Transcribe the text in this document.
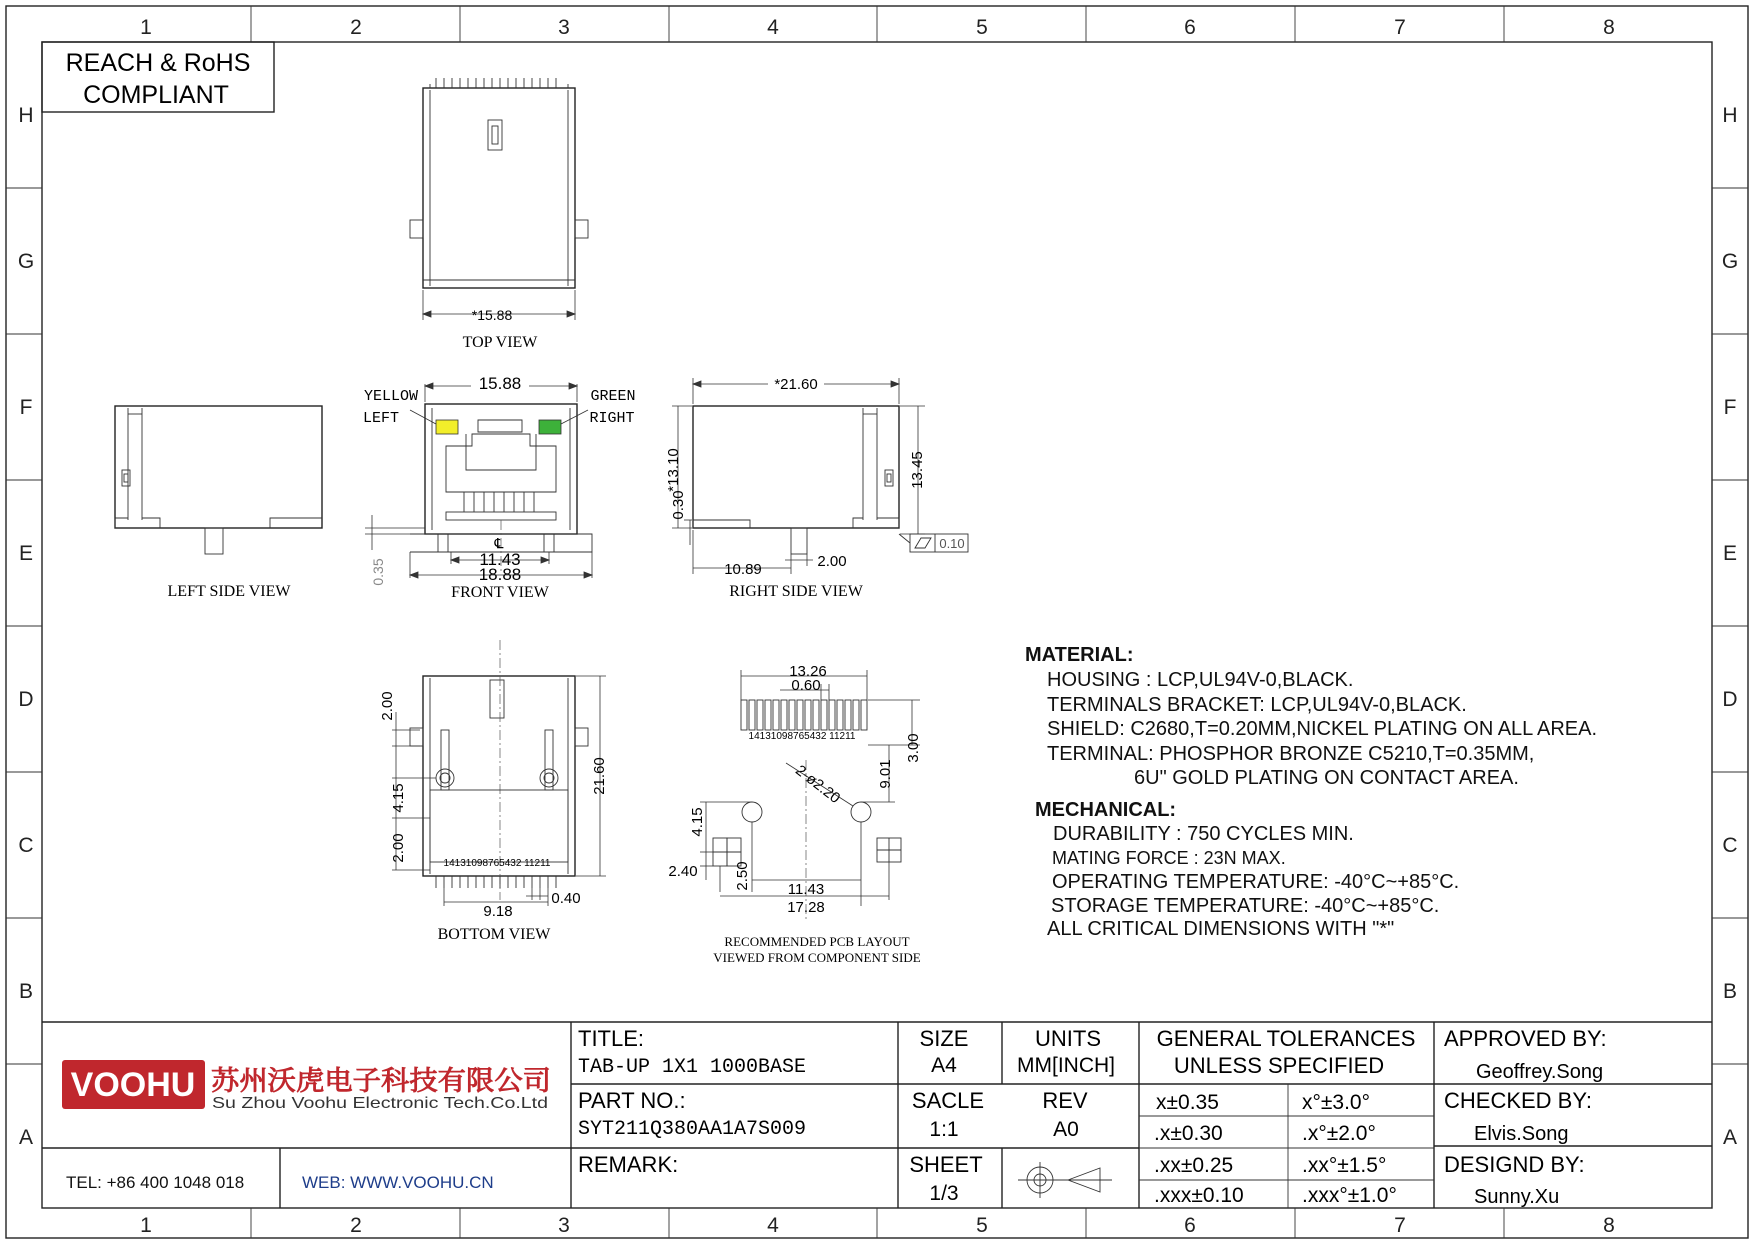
1	2	3	4	5	6	7	8
1	2	3	4	5	6	7	8
H
G
F
E
D
C
B
A
H
G
F
E
D
C
B
A
REACH & RoHS
COMPLIANT
*15.88
TOP VIEW
LEFT SIDE VIEW
℄
YELLOW
LEFT
GREEN
RIGHT
15.88
11.43
18.88
0.35
FRONT VIEW
*21.60
*13.10
0.30
13.45
10.89	2.00
0.10
RIGHT SIDE VIEW
14131098765432 11211
2.00
4.15
2.00
21.60
9.18
0.40
BOTTOM VIEW
14131098765432 11211
13.26
0.60
3.00
2-ø2.20 9.01
4.15
2.40 2.50 11.43
17.28
RECOMMENDED PCB LAYOUT
VIEWED FROM COMPONENT SIDE
MATERIAL:
HOUSING : LCP,UL94V-0,BLACK.
TERMINALS BRACKET: LCP,UL94V-0,BLACK.
SHIELD: C2680,T=0.20MM,NICKEL PLATING ON ALL AREA.
TERMINAL: PHOSPHOR BRONZE C5210,T=0.35MM,
6U" GOLD PLATING ON CONTACT AREA.
MECHANICAL:
DURABILITY : 750 CYCLES MIN.
MATING FORCE : 23N MAX.
OPERATING TEMPERATURE: -40°C~+85°C.
STORAGE TEMPERATURE: -40°C~+85°C.
ALL CRITICAL DIMENSIONS WITH "*"
VOOHU 苏州沃虎电子科技有限公司
Su Zhou Voohu Electronic Tech.Co.Ltd
TEL: +86 400 1048 018	WEB: WWW.VOOHU.CN
TITLE:
TAB-UP 1X1 1000BASE
PART NO.:
SYT211Q380AA1A7S009
REMARK:
SIZE
A4
UNITS
MM[INCH]
SACLE
1:1
REV
A0
SHEET
1/3
GENERAL TOLERANCES
UNLESS SPECIFIED
x±0.35	x°±3.0°
.x±0.30	.x°±2.0°
.xx±0.25	.xx°±1.5°
.xxx±0.10	.xxx°±1.0°
APPROVED BY:
Geoffrey.Song
CHECKED BY:
Elvis.Song
DESIGND BY:
Sunny.Xu
